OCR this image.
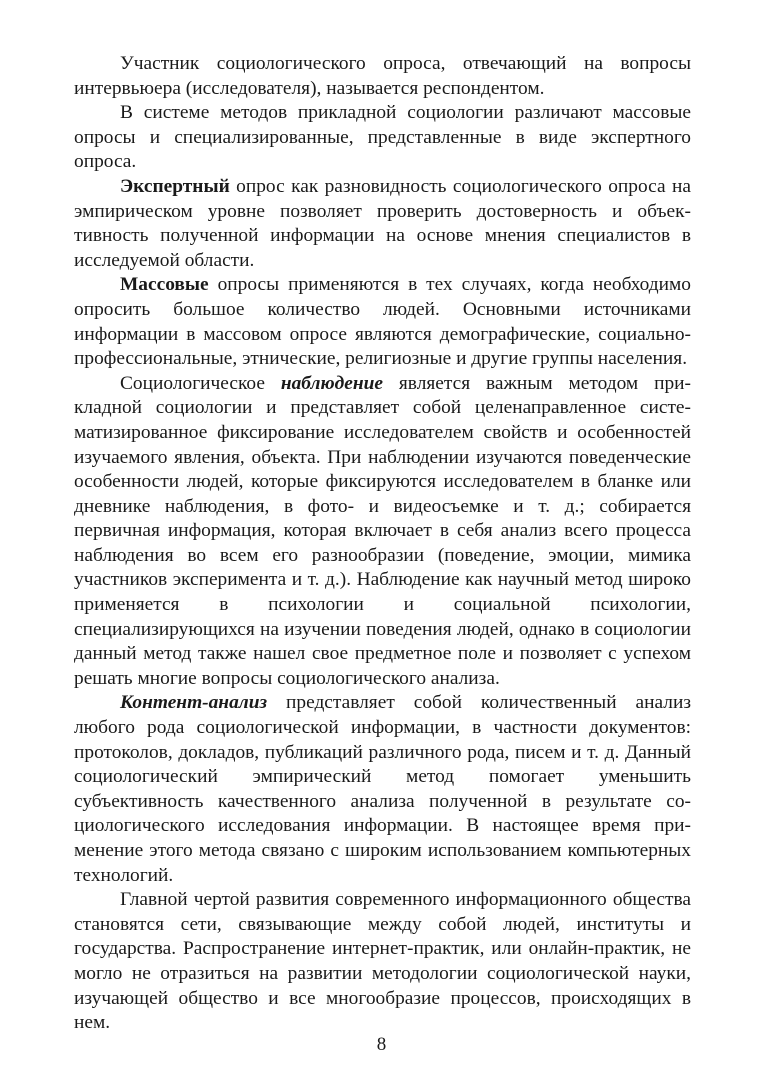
Участник социологического опроса, отвечающий на вопросы интервьюера (исследователя), называется респондентом.

В системе методов прикладной социологии различают массовые опросы и специализированные, представленные в виде экспертного опроса.

Экспертный опрос как разновидность социологического опроса на эмпирическом уровне позволяет проверить достоверность и объективность полученной информации на основе мнения специалистов в исследуемой области.

Массовые опросы применяются в тех случаях, когда необходимо опросить большое количество людей. Основными источниками информации в массовом опросе являются демографические, социально-профессиональные, этнические, религиозные и другие группы населения.

Социологическое наблюдение является важным методом прикладной социологии и представляет собой целенаправленное систематизированное фиксирование исследователем свойств и особенностей изучаемого явления, объекта. При наблюдении изучаются поведенческие особенности людей, которые фиксируются исследователем в бланке или дневнике наблюдения, в фото- и видеосъемке и т. д.; собирается первичная информация, которая включает в себя анализ всего процесса наблюдения во всем его разнообразии (поведение, эмоции, мимика участников эксперимента и т. д.). Наблюдение как научный метод широко применяется в психологии и социальной психологии, специализирующихся на изучении поведения людей, однако в социологии данный метод также нашел свое предметное поле и позволяет с успехом решать многие вопросы социологического анализа.

Контент-анализ представляет собой количественный анализ любого рода социологической информации, в частности документов: протоколов, докладов, публикаций различного рода, писем и т. д. Данный социологический эмпирический метод помогает уменьшить субъективность качественного анализа полученной в результате социологического исследования информации. В настоящее время применение этого метода связано с широким использованием компьютерных технологий.

Главной чертой развития современного информационного общества становятся сети, связывающие между собой людей, институты и государства. Распространение интернет-практик, или онлайн-практик, не могло не отразиться на развитии методологии социологической науки, изучающей общество и все многообразие процессов, происходящих в нем.

8
